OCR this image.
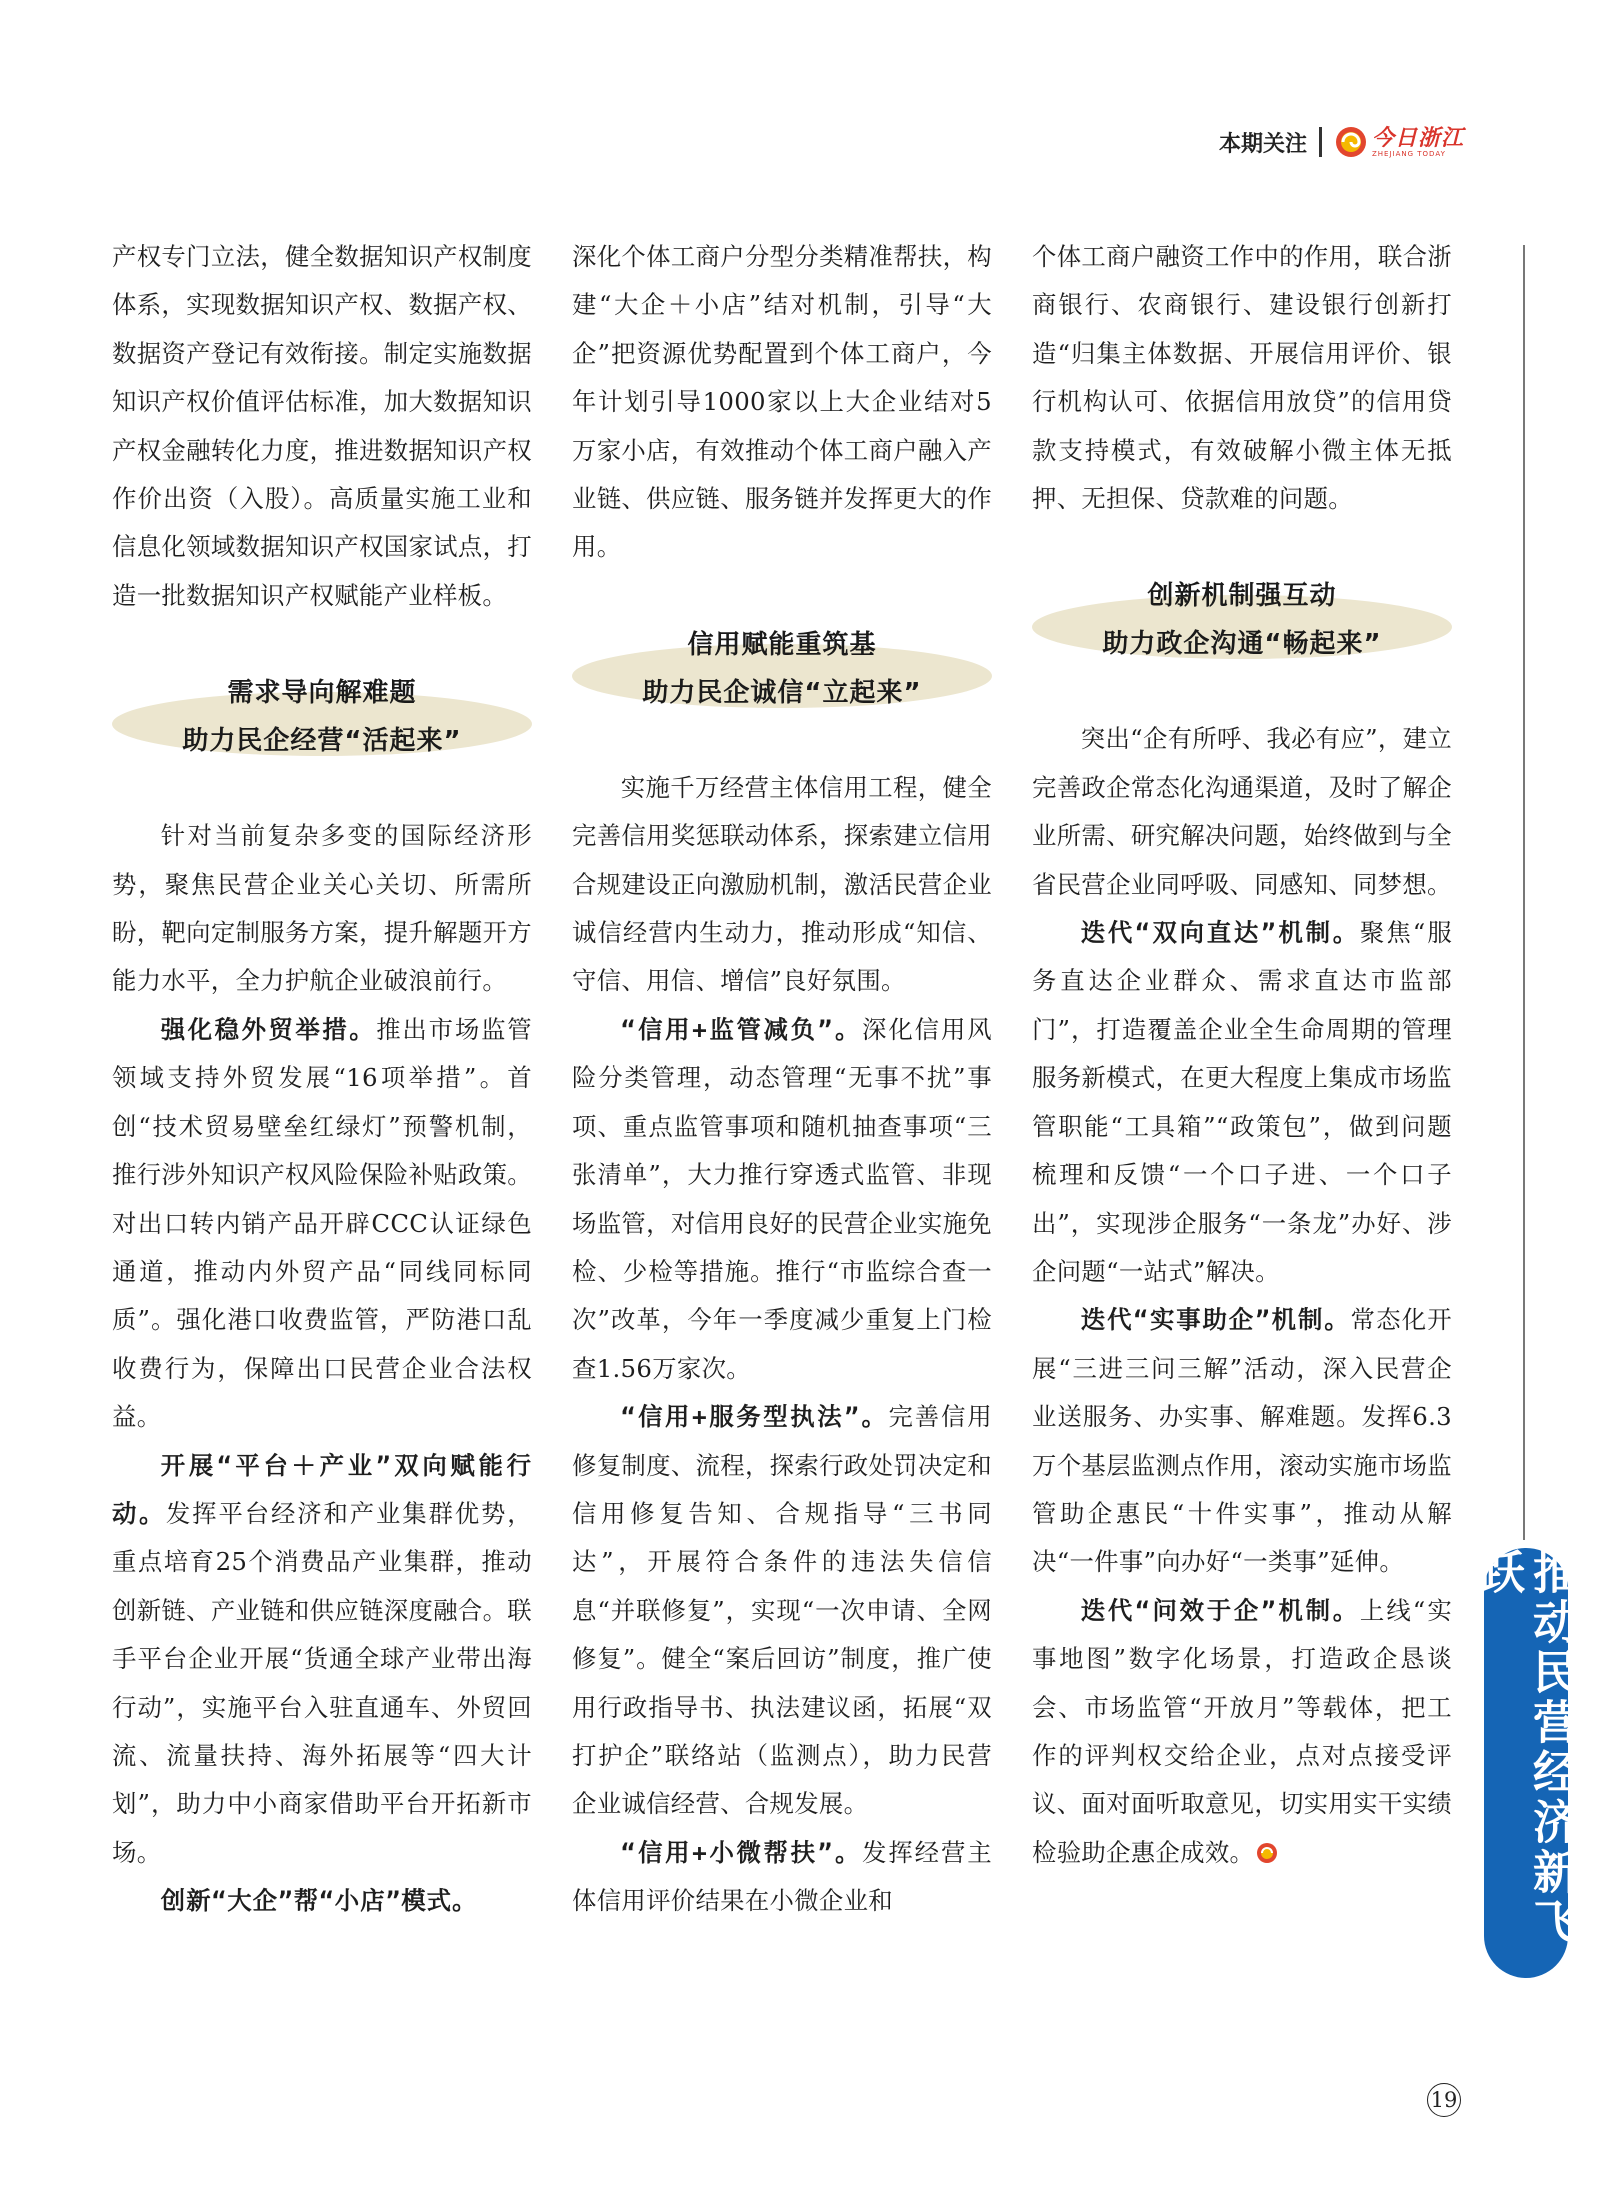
本期关注	今日浙江
ZHEJIANG TODAY

产权专门立法，健全数据知识产权制度体系，实现数据知识产权、数据产权、数据资产登记有效衔接。制定实施数据知识产权价值评估标准，加大数据知识产权金融转化力度，推进数据知识产权作价出资（入股）。高质量实施工业和信息化领域数据知识产权国家试点，打造一批数据知识产权赋能产业样板。

需求导向解难题
助力民企经营“活起来”

针对当前复杂多变的国际经济形势，聚焦民营企业关心关切、所需所盼，靶向定制服务方案，提升解题开方能力水平，全力护航企业破浪前行。

强化稳外贸举措。推出市场监管领域支持外贸发展“16项举措”。首创“技术贸易壁垒红绿灯”预警机制，推行涉外知识产权风险保险补贴政策。对出口转内销产品开辟CCC认证绿色通道，推动内外贸产品“同线同标同质”。强化港口收费监管，严防港口乱收费行为，保障出口民营企业合法权益。

开展“平台＋产业”双向赋能行动。发挥平台经济和产业集群优势，重点培育25个消费品产业集群，推动创新链、产业链和供应链深度融合。联手平台企业开展“货通全球产业带出海行动”，实施平台入驻直通车、外贸回流、流量扶持、海外拓展等“四大计划”，助力中小商家借助平台开拓新市场。

创新“大企”帮“小店”模式。

深化个体工商户分型分类精准帮扶，构建“大企＋小店”结对机制，引导“大企”把资源优势配置到个体工商户，今年计划引导1000家以上大企业结对5万家小店，有效推动个体工商户融入产业链、供应链、服务链并发挥更大的作用。

信用赋能重筑基
助力民企诚信“立起来”

实施千万经营主体信用工程，健全完善信用奖惩联动体系，探索建立信用合规建设正向激励机制，激活民营企业诚信经营内生动力，推动形成“知信、守信、用信、增信”良好氛围。

“信用+监管减负”。深化信用风险分类管理，动态管理“无事不扰”事项、重点监管事项和随机抽查事项“三张清单”，大力推行穿透式监管、非现场监管，对信用良好的民营企业实施免检、少检等措施。推行“市监综合查一次”改革，今年一季度减少重复上门检查1.56万家次。

“信用+服务型执法”。完善信用修复制度、流程，探索行政处罚决定和信用修复告知、合规指导“三书同达”，开展符合条件的违法失信信息“并联修复”，实现“一次申请、全网修复”。健全“案后回访”制度，推广使用行政指导书、执法建议函，拓展“双打护企”联络站（监测点），助力民营企业诚信经营、合规发展。

“信用+小微帮扶”。发挥经营主体信用评价结果在小微企业和

个体工商户融资工作中的作用，联合浙商银行、农商银行、建设银行创新打造“归集主体数据、开展信用评价、银行机构认可、依据信用放贷”的信用贷款支持模式，有效破解小微主体无抵押、无担保、贷款难的问题。

创新机制强互动
助力政企沟通“畅起来”

突出“企有所呼、我必有应”，建立完善政企常态化沟通渠道，及时了解企业所需、研究解决问题，始终做到与全省民营企业同呼吸、同感知、同梦想。

迭代“双向直达”机制。聚焦“服务直达企业群众、需求直达市监部门”，打造覆盖企业全生命周期的管理服务新模式，在更大程度上集成市场监管职能“工具箱”“政策包”，做到问题梳理和反馈“一个口子进、一个口子出”，实现涉企服务“一条龙”办好、涉企问题“一站式”解决。

迭代“实事助企”机制。常态化开展“三进三问三解”活动，深入民营企业送服务、办实事、解难题。发挥6.3万个基层监测点作用，滚动实施市场监管助企惠民“十件实事”，推动从解决“一件事”向办好“一类事”延伸。

迭代“问效于企”机制。上线“实事地图”数字化场景，打造政企恳谈会、市场监管“开放月”等载体，把工作的评判权交给企业，点对点接受评议、面对面听取意见，切实用实干实绩检验助企惠企成效。	推动民营经济新飞跃
19
